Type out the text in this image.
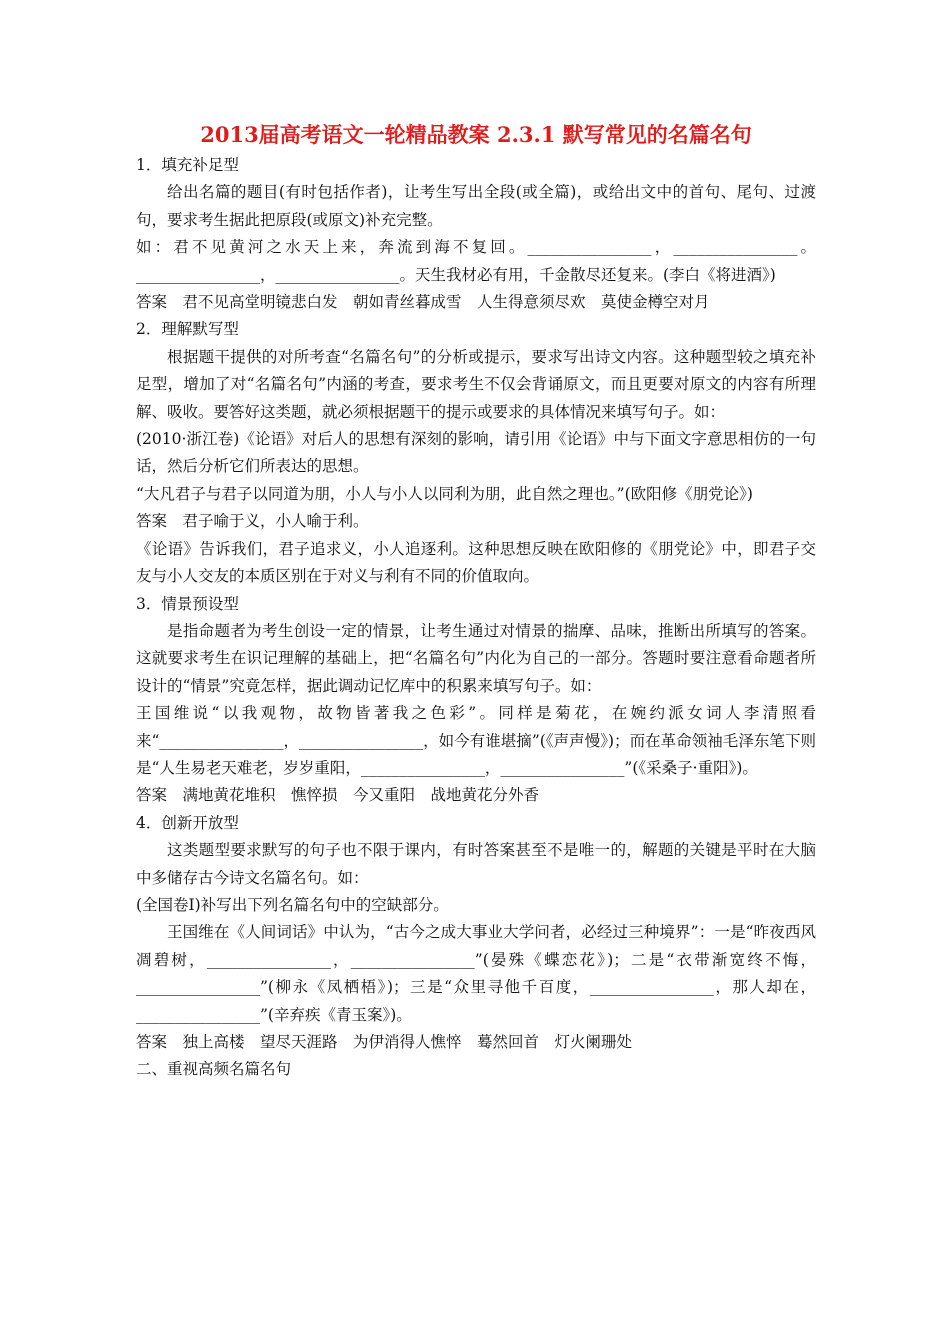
2013届高考语文一轮精品教案 2.3.1 默写常见的名篇名句

1．填充补足型

给出名篇的题目(有时包括作者)，让考生写出全段(或全篇)，或给出文中的首句、尾句、过渡句，要求考生据此把原段(或原文)补充完整。

如：君不见黄河之水天上来，奔流到海不复回。________________，________________。________________，________________。天生我材必有用，千金散尽还复来。(李白《将进酒》)

答案　君不见高堂明镜悲白发　朝如青丝暮成雪　人生得意须尽欢　莫使金樽空对月

2．理解默写型

根据题干提供的对所考查“名篇名句”的分析或提示，要求写出诗文内容。这种题型较之填充补足型，增加了对“名篇名句”内涵的考查，要求考生不仅会背诵原文，而且更要对原文的内容有所理解、吸收。要答好这类题，就必须根据题干的提示或要求的具体情况来填写句子。如：

(2010·浙江卷)《论语》对后人的思想有深刻的影响，请引用《论语》中与下面文字意思相仿的一句话，然后分析它们所表达的思想。

“大凡君子与君子以同道为朋，小人与小人以同利为朋，此自然之理也。”(欧阳修《朋党论》)

答案　君子喻于义，小人喻于利。

《论语》告诉我们，君子追求义，小人追逐利。这种思想反映在欧阳修的《朋党论》中，即君子交友与小人交友的本质区别在于对义与利有不同的价值取向。

3．情景预设型

是指命题者为考生创设一定的情景，让考生通过对情景的揣摩、品味，推断出所填写的答案。这就要求考生在识记理解的基础上，把“名篇名句”内化为自己的一部分。答题时要注意看命题者所设计的“情景”究竟怎样，据此调动记忆库中的积累来填写句子。如：

王国维说“以我观物，故物皆著我之色彩”。同样是菊花，在婉约派女词人李清照看来“________________，________________，如今有谁堪摘”(《声声慢》)；而在革命领袖毛泽东笔下则是“人生易老天难老，岁岁重阳，________________，________________”(《采桑子·重阳》)。

答案　满地黄花堆积　憔悴损　今又重阳　战地黄花分外香

4．创新开放型

这类题型要求默写的句子也不限于课内，有时答案甚至不是唯一的，解题的关键是平时在大脑中多储存古今诗文名篇名句。如：

(全国卷Ⅰ)补写出下列名篇名句中的空缺部分。

王国维在《人间词话》中认为，“古今之成大事业大学问者，必经过三种境界”：一是“昨夜西风凋碧树，________________，________________”(晏殊《蝶恋花》)；二是“衣带渐宽终不悔，________________”(柳永《凤栖梧》)；三是“众里寻他千百度，________________，那人却在，________________”(辛弃疾《青玉案》)。

答案　独上高楼　望尽天涯路　为伊消得人憔悴　蓦然回首　灯火阑珊处

二、重视高频名篇名句
